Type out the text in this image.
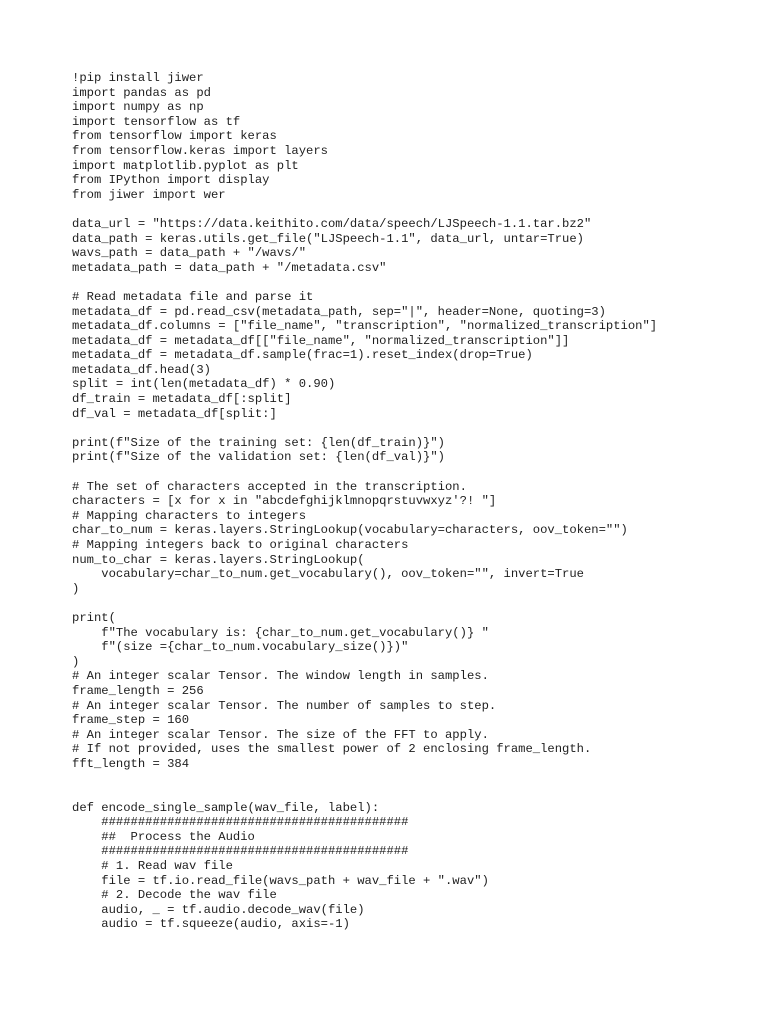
!pip install jiwer
import pandas as pd
import numpy as np
import tensorflow as tf
from tensorflow import keras
from tensorflow.keras import layers
import matplotlib.pyplot as plt
from IPython import display
from jiwer import wer
data_url = "https://data.keithito.com/data/speech/LJSpeech-1.1.tar.bz2"
data_path = keras.utils.get_file("LJSpeech-1.1", data_url, untar=True)
wavs_path = data_path + "/wavs/"
metadata_path = data_path + "/metadata.csv"
# Read metadata file and parse it
metadata_df = pd.read_csv(metadata_path, sep="|", header=None, quoting=3)
metadata_df.columns = ["file_name", "transcription", "normalized_transcription"]
metadata_df = metadata_df[["file_name", "normalized_transcription"]]
metadata_df = metadata_df.sample(frac=1).reset_index(drop=True)
metadata_df.head(3)
split = int(len(metadata_df) * 0.90)
df_train = metadata_df[:split]
df_val = metadata_df[split:]
print(f"Size of the training set: {len(df_train)}")
print(f"Size of the validation set: {len(df_val)}")
# The set of characters accepted in the transcription.
characters = [x for x in "abcdefghijklmnopqrstuvwxyz'?! "]
# Mapping characters to integers
char_to_num = keras.layers.StringLookup(vocabulary=characters, oov_token="")
# Mapping integers back to original characters
num_to_char = keras.layers.StringLookup(
vocabulary=char_to_num.get_vocabulary(), oov_token="", invert=True
)
print(
f"The vocabulary is: {char_to_num.get_vocabulary()} "
f"(size ={char_to_num.vocabulary_size()})"
)
# An integer scalar Tensor. The window length in samples.
frame_length = 256
# An integer scalar Tensor. The number of samples to step.
frame_step = 160
# An integer scalar Tensor. The size of the FFT to apply.
# If not provided, uses the smallest power of 2 enclosing frame_length.
fft_length = 384
def encode_single_sample(wav_file, label):
##########################################
##  Process the Audio
##########################################
# 1. Read wav file
file = tf.io.read_file(wavs_path + wav_file + ".wav")
# 2. Decode the wav file
audio, _ = tf.audio.decode_wav(file)
audio = tf.squeeze(audio, axis=-1)
